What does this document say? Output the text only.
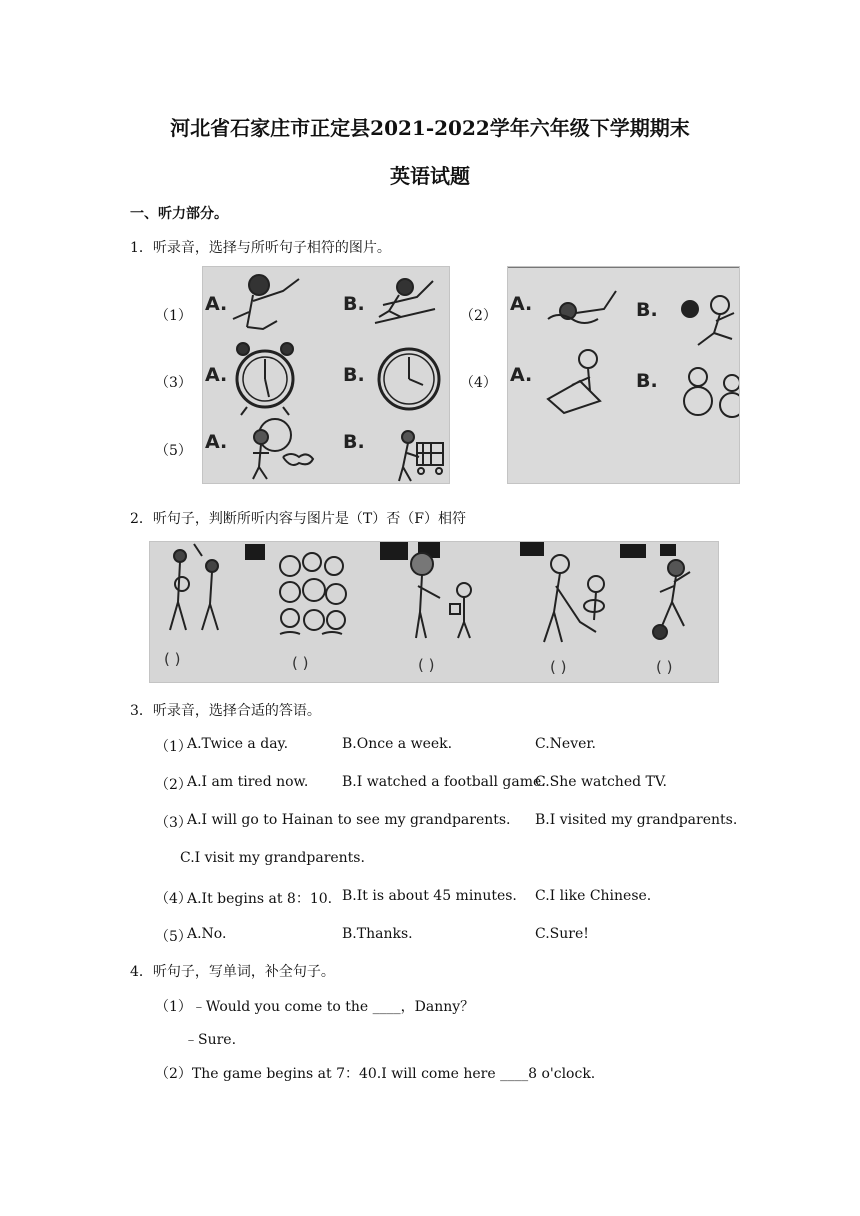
河北省石家庄市正定县2021-2022学年六年级下学期期末
英语试题
一、听力部分。
1．听录音，选择与所听句子相符的图片。
（1）
（3）
（5）
（2）
（4）
A.	B.
A.	B.
A.	B.
A.	B.
A.	B.
2．听句子，判断所听内容与图片是（T）否（F）相符
( )	( )	( )	( )	( )
3．听录音，选择合适的答语。
（1）
A.Twice a day.	B.Once a week.	C.Never.
（2）
A.I am tired now. B.I watched a football game.
C.She watched TV.
（3）
A.I will go to Hainan to see my grandparents. B.I visited my grandparents.
C.I visit my grandparents.
（4）
A.It begins at 8：10. B.It is about 45 minutes. C.I like Chinese.
（5）
A.No.	B.Thanks.	C.Sure!
4．听句子，写单词，补全句子。
（1）﹣Would you come to the ____，Danny？
﹣Sure.
（2）The game begins at 7：40.I will come here ____8 o'clock.
